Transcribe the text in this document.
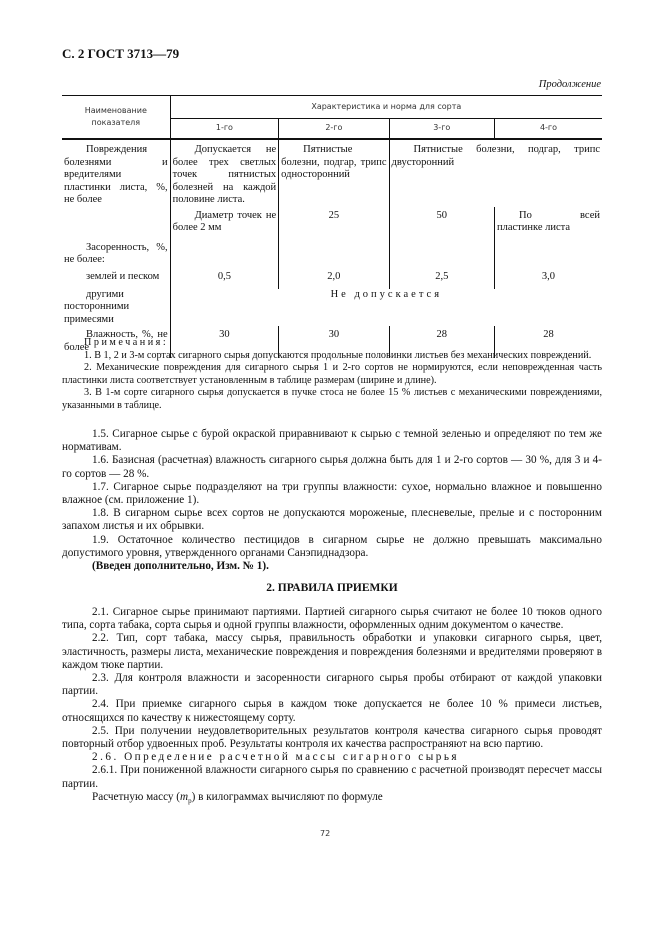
С. 2 ГОСТ 3713—79
Продолжение
Наименование показателя	Характеристика и норма для сорта			
	1-го	2-го	3-го	4-го
Повреждения болезнями и вредителями пластинки листа, %, не более	Допускается не более трех светлых точек пятнистых болезней на каждой половине листа.	Пятнистые болезни, подгар, трипс односторонний	Пятнистые болезни, подгар, трипс двусторонний	
	Диаметр точек не более 2 мм	25	50	По всей пластинке листа
Засоренность, %, не более:				
землей и песком	0,5	2,0	2,5	3,0
другими посторонними примесями	Не допускается			
Влажность, %, не более	30	30	28	28

Примечания:

1. В 1, 2 и 3-м сортах сигарного сырья допускаются продольные половинки листьев без механических повреждений.

2. Механические повреждения для сигарного сырья 1 и 2-го сортов не нормируются, если неповрежденная часть пластинки листа соответствует установленным в таблице размерам (ширине и длине).

3. В 1-м сорте сигарного сырья допускается в пучке стоса не более 15 % листьев с механическими повреждениями, указанными в таблице.

1.5. Сигарное сырье с бурой окраской приравнивают к сырью с темной зеленью и определяют по тем же нормативам.

1.6. Базисная (расчетная) влажность сигарного сырья должна быть для 1 и 2-го сортов — 30 %, для 3 и 4-го сортов — 28 %.

1.7. Сигарное сырье подразделяют на три группы влажности: сухое, нормально влажное и повышенно влажное (см. приложение 1).

1.8. В сигарном сырье всех сортов не допускаются мороженые, плесневелые, прелые и с посторонним запахом листья и их обрывки.

1.9. Остаточное количество пестицидов в сигарном сырье не должно превышать максимально допустимого уровня, утвержденного органами Санэпиднадзора.

(Введен дополнительно, Изм. № 1).

2. ПРАВИЛА ПРИЕМКИ

2.1. Сигарное сырье принимают партиями. Партией сигарного сырья считают не более 10 тюков одного типа, сорта табака, сорта сырья и одной группы влажности, оформленных одним документом о качестве.

2.2. Тип, сорт табака, массу сырья, правильность обработки и упаковки сигарного сырья, цвет, эластичность, размеры листа, механические повреждения и повреждения болезнями и вредителями проверяют в каждом тюке партии.

2.3. Для контроля влажности и засоренности сигарного сырья пробы отбирают от каждой упаковки партии.

2.4. При приемке сигарного сырья в каждом тюке допускается не более 10 % примеси листьев, относящихся по качеству к нижестоящему сорту.

2.5. При получении неудовлетворительных результатов контроля качества сигарного сырья проводят повторный отбор удвоенных проб. Результаты контроля их качества распространяют на всю партию.

2.6. Определение расчетной массы сигарного сырья

2.6.1. При пониженной влажности сигарного сырья по сравнению с расчетной производят пересчет массы партии.

Расчетную массу $(m_р)$ в килограммах вычисляют по формуле

72
